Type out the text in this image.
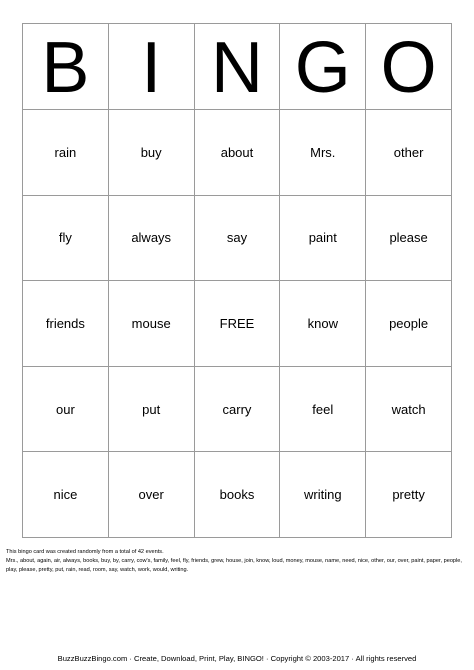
B I N G O
rain	buy	about	Mrs.	other
fly	always	say	paint	please
friends	mouse	FREE	know	people
our	put	carry	feel	watch
nice	over	books	writing	pretty
This bingo card was created randomly from a total of 42 events.
Mrs., about, again, air, always, books, buy, by, carry, cow's, family, feel, fly, friends, grew, house, join, know, loud, money, mouse, name, need, nice, other, our, over, paint, paper, people, play, please, pretty, put, rain, read, room, say, watch, work, would, writing.
BuzzBuzzBingo.com · Create, Download, Print, Play, BINGO! · Copyright © 2003-2017 · All rights reserved
